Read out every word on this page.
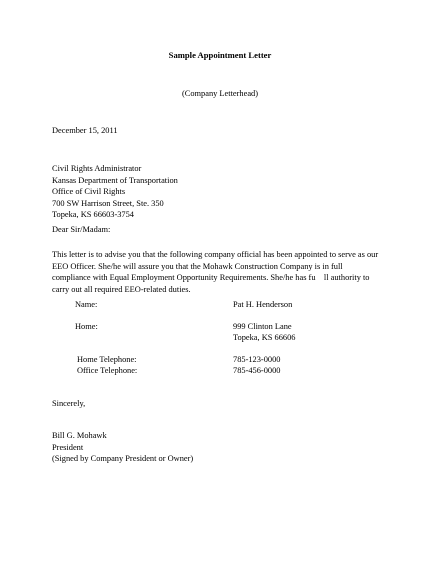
Sample Appointment Letter
(Company Letterhead)
December 15, 2011
Civil Rights Administrator
Kansas Department of Transportation
Office of Civil Rights
700 SW Harrison Street, Ste. 350
Topeka, KS 66603-3754
Dear Sir/Madam:
This letter is to advise you that the following company official has been appointed to serve as our
EEO Officer. She/he will assure you that the Mohawk Construction Company is in full
compliance with Equal Employment Opportunity Requirements. She/he has fu    ll authority to
carry out all required EEO-related duties.
Name:	Pat H. Henderson
Home:	999 Clinton Lane
Topeka, KS 66606
Home Telephone:	785-123-0000
Office Telephone:	785-456-0000
Sincerely,
Bill G. Mohawk
President
(Signed by Company President or Owner)
